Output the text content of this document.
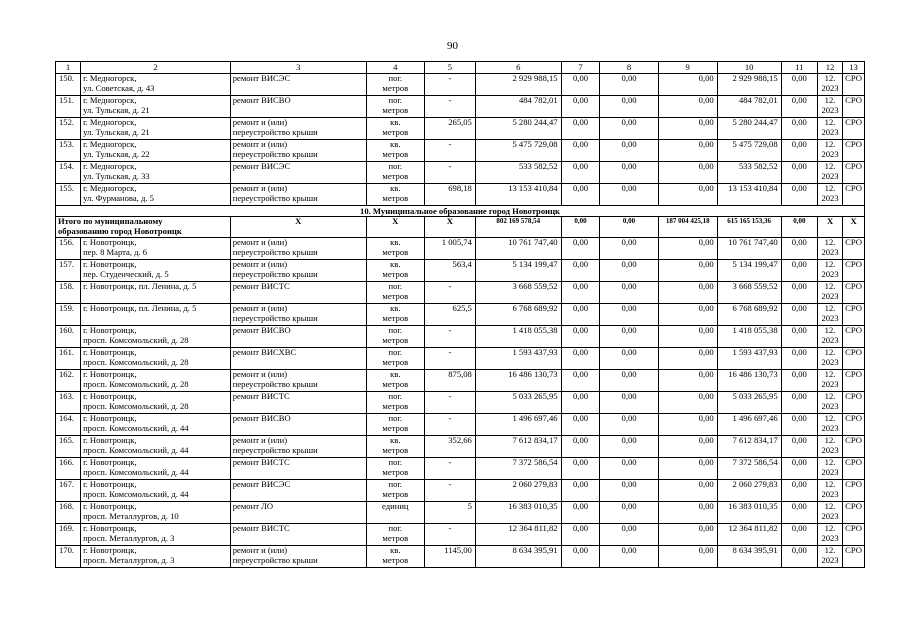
90
1	2	3	4	5	6	7	8	9	10	11	12	13
150.	г. Медногорск,
ул. Советская, д. 43	ремонт ВИСЭС	пог.
метров	-	2 929 988,15	0,00	0,00	0,00	2 929 988,15	0,00	12.
2023	СРО
151.	г. Медногорск,
ул. Тульская, д. 21	ремонт ВИСВО	пог.
метров	-	484 782,01	0,00	0,00	0,00	484 782,01	0,00	12.
2023	СРО
152.	г. Медногорск,
ул. Тульская, д. 21	ремонт и (или)
переустройство крыши	кв.
метров	265,05	5 280 244,47	0,00	0,00	0,00	5 280 244,47	0,00	12.
2023	СРО
153.	г. Медногорск,
ул. Тульская, д. 22	ремонт и (или)
переустройство крыши	кв.
метров	-	5 475 729,08	0,00	0,00	0,00	5 475 729,08	0,00	12.
2023	СРО
154.	г. Медногорск,
ул. Тульская, д. 33	ремонт ВИСЭС	пог.
метров	-	533 582,52	0,00	0,00	0,00	533 582,52	0,00	12.
2023	СРО
155.	г. Медногорск,
ул. Фурманова, д. 5	ремонт и (или)
переустройство крыши	кв.
метров	698,18	13 153 410,84	0,00	0,00	0,00	13 153 410,84	0,00	12.
2023	СРО
10. Муниципальное образование город Новотроицк												
Итого по муниципальному
образованию город Новотроицк		Х	Х	Х	802 169 578,54	0,00	0,00	187 004 425,18	615 165 153,36	0,00	Х	Х
156.	г. Новотроицк,
пер. 8 Марта, д. 6	ремонт и (или)
переустройство крыши	кв.
метров	1 005,74	10 761 747,40	0,00	0,00	0,00	10 761 747,40	0,00	12.
2023	СРО
157.	г. Новотроицк,
пер. Студенческий, д. 5	ремонт и (или)
переустройство крыши	кв.
метров	563,4	5 134 199,47	0,00	0,00	0,00	5 134 199,47	0,00	12.
2023	СРО
158.	г. Новотроицк, пл. Ленина, д. 5	ремонт ВИСТС	пог.
метров	-	3 668 559,52	0,00	0,00	0,00	3 668 559,52	0,00	12.
2023	СРО
159.	г. Новотроицк, пл. Ленина, д. 5	ремонт и (или)
переустройство крыши	кв.
метров	625,5	6 768 689,92	0,00	0,00	0,00	6 768 689,92	0,00	12.
2023	СРО
160.	г. Новотроицк,
просп. Комсомольский, д. 28	ремонт ВИСВО	пог.
метров	-	1 418 055,38	0,00	0,00	0,00	1 418 055,38	0,00	12.
2023	СРО
161.	г. Новотроицк,
просп. Комсомольский, д. 28	ремонт ВИСХВС	пог.
метров	-	1 593 437,93	0,00	0,00	0,00	1 593 437,93	0,00	12.
2023	СРО
162.	г. Новотроицк,
просп. Комсомольский, д. 28	ремонт и (или)
переустройство крыши	кв.
метров	875,08	16 486 130,73	0,00	0,00	0,00	16 486 130,73	0,00	12.
2023	СРО
163.	г. Новотроицк,
просп. Комсомольский, д. 28	ремонт ВИСТС	пог.
метров	-	5 033 265,95	0,00	0,00	0,00	5 033 265,95	0,00	12.
2023	СРО
164.	г. Новотроицк,
просп. Комсомольский, д. 44	ремонт ВИСВО	пог.
метров	-	1 496 697,46	0,00	0,00	0,00	1 496 697,46	0,00	12.
2023	СРО
165.	г. Новотроицк,
просп. Комсомольский, д. 44	ремонт и (или)
переустройство крыши	кв.
метров	352,66	7 612 834,17	0,00	0,00	0,00	7 612 834,17	0,00	12.
2023	СРО
166.	г. Новотроицк,
просп. Комсомольский, д. 44	ремонт ВИСТС	пог.
метров	-	7 372 586,54	0,00	0,00	0,00	7 372 586,54	0,00	12.
2023	СРО
167.	г. Новотроицк,
просп. Комсомольский, д. 44	ремонт ВИСЭС	пог.
метров	-	2 060 279,83	0,00	0,00	0,00	2 060 279,83	0,00	12.
2023	СРО
168.	г. Новотроицк,
просп. Металлургов, д. 10	ремонт ЛО	единиц	5	16 383 010,35	0,00	0,00	0,00	16 383 010,35	0,00	12.
2023	СРО
169.	г. Новотроицк,
просп. Металлургов, д. 3	ремонт ВИСТС	пог.
метров	-	12 364 811,82	0,00	0,00	0,00	12 364 811,82	0,00	12.
2023	СРО
170.	г. Новотроицк,
просп. Металлургов, д. 3	ремонт и (или)
переустройство крыши	кв.
метров	1145,00	8 634 395,91	0,00	0,00	0,00	8 634 395,91	0,00	12.
2023	СРО
